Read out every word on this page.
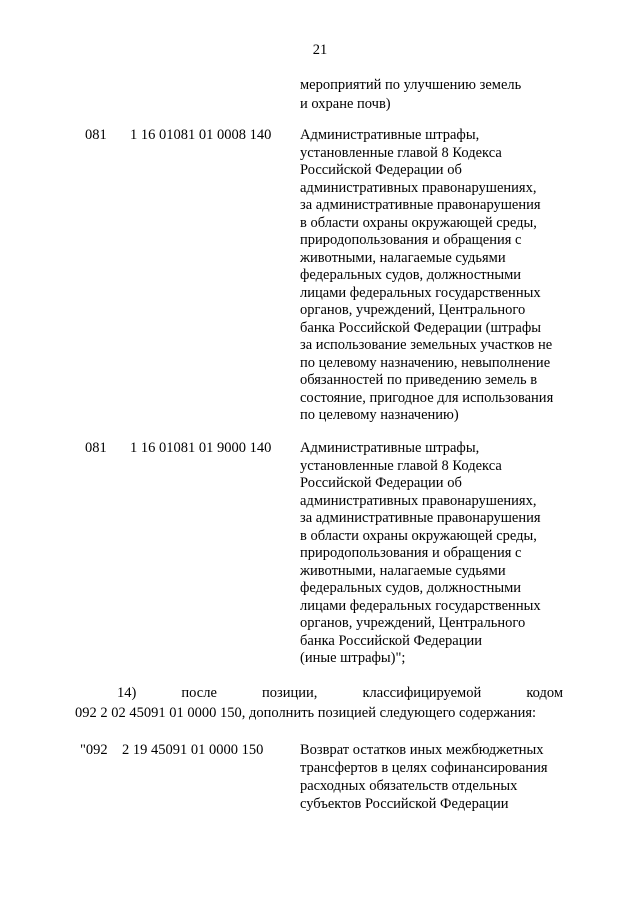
21
мероприятий по улучшению земель
и охране почв)
081 1 16 01081 01 0008 140 Административные штрафы,
установленные главой 8 Кодекса
Российской Федерации об
административных правонарушениях,
за административные правонарушения
в области охраны окружающей среды,
природопользования и обращения с
животными, налагаемые судьями
федеральных судов, должностными
лицами федеральных государственных
органов, учреждений, Центрального
банка Российской Федерации (штрафы
за использование земельных участков не
по целевому назначению, невыполнение
обязанностей по приведению земель в
состояние, пригодное для использования
по целевому назначению)
081 1 16 01081 01 9000 140 Административные штрафы,
установленные главой 8 Кодекса
Российской Федерации об
административных правонарушениях,
за административные правонарушения
в области охраны окружающей среды,
природопользования и обращения с
животными, налагаемые судьями
федеральных судов, должностными
лицами федеральных государственных
органов, учреждений, Центрального
банка Российской Федерации
(иные штрафы)";
14) после позиции, классифицируемой кодом
092 2 02 45091 01 0000 150, дополнить позицией следующего содержания:
"092 2 19 45091 01 0000 150	Возврат остатков иных межбюджетных
трансфертов в целях софинансирования
расходных обязательств отдельных
субъектов Российской Федерации
